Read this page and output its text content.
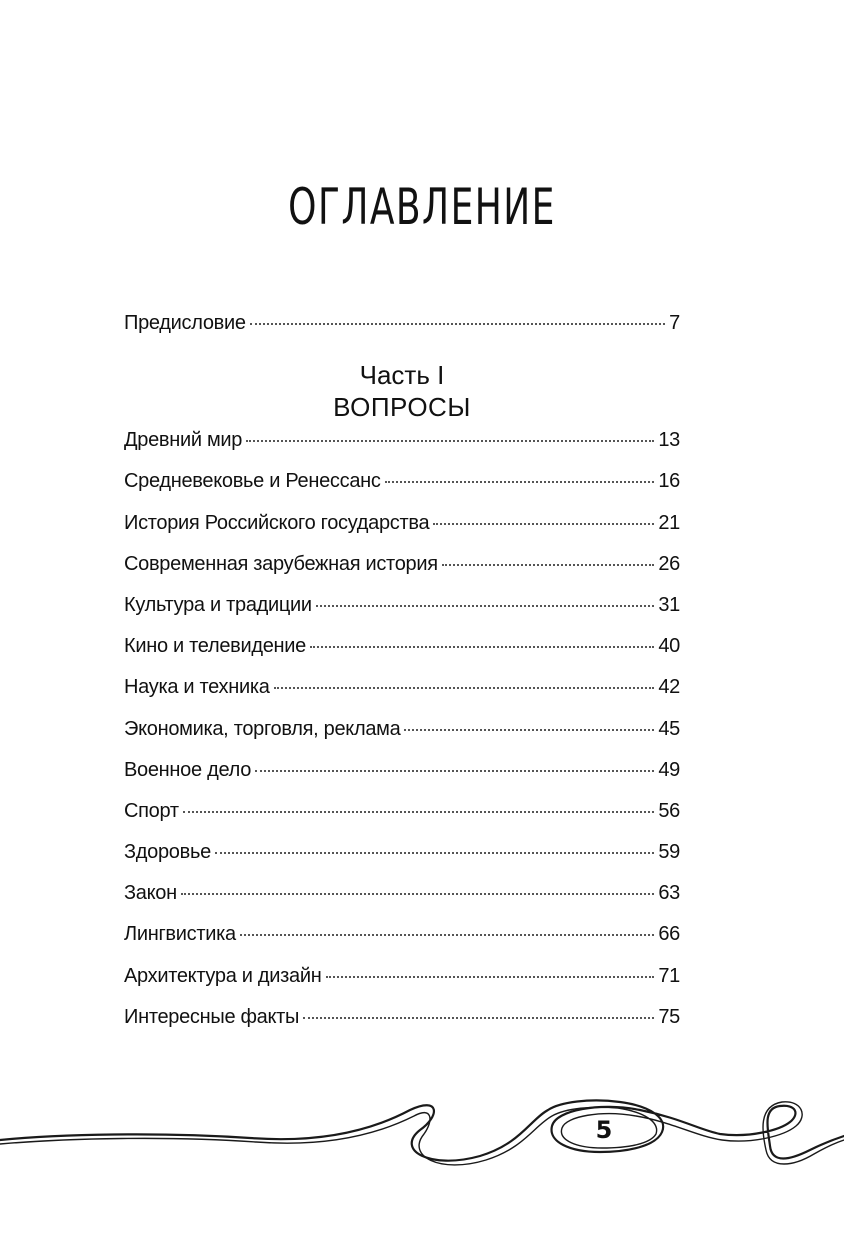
ОГЛАВЛЕНИЕ
Предисловие	7
Часть I
ВОПРОСЫ
Древний мир	13
Средневековье и Ренессанс	16
История Российского государства	21
Современная зарубежная история	26
Культура и традиции	31
Кино и телевидение	40
Наука и техника	42
Экономика, торговля, реклама	45
Военное дело	49
Спорт	56
Здоровье	59
Закон	63
Лингвистика	66
Архитектура и дизайн	71
Интересные факты	75
5
